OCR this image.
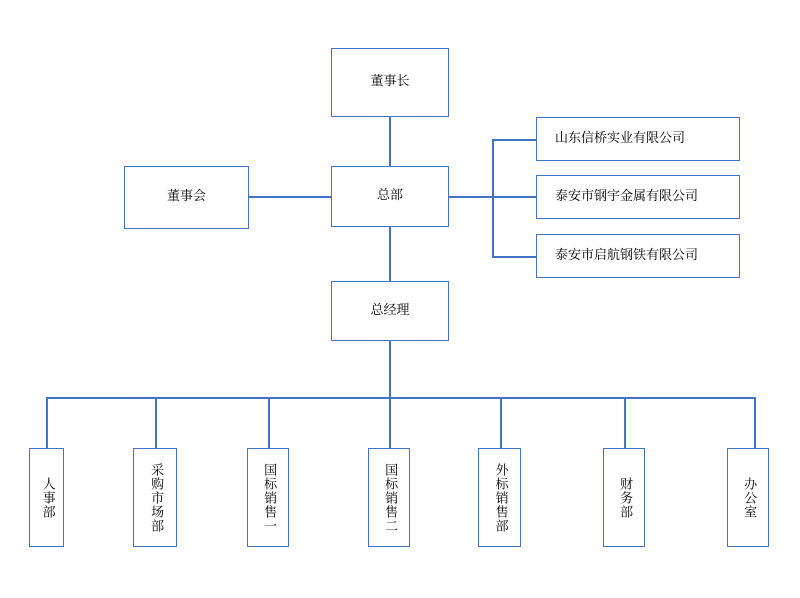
董事长
董事会	总部
总经理
山东信桥实业有限公司
泰安市钢宇金属有限公司
泰安市启航钢铁有限公司
人事部	采购市场部	国标销售一	国标销售二	外标销售部	财务部	办公室
